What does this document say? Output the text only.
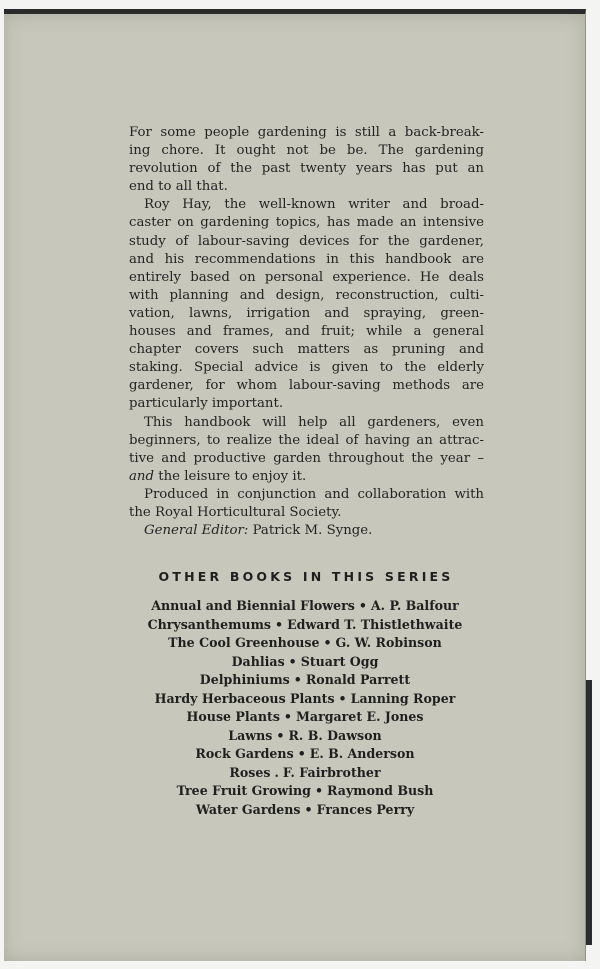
For some people gardening is still a back-break-
ing chore. It ought not be be. The gardening
revolution of the past twenty years has put an
end to all that.
Roy Hay, the well-known writer and broad-
caster on gardening topics, has made an intensive
study of labour-saving devices for the gardener,
and his recommendations in this handbook are
entirely based on personal experience. He deals
with planning and design, reconstruction, culti-
vation, lawns, irrigation and spraying, green-
houses and frames, and fruit; while a general
chapter covers such matters as pruning and
staking. Special advice is given to the elderly
gardener, for whom labour-saving methods are
particularly important.
This handbook will help all gardeners, even
beginners, to realize the ideal of having an attrac-
tive and productive garden throughout the year –
and the leisure to enjoy it.
Produced in conjunction and collaboration with
the Royal Horticultural Society.
General Editor: Patrick M. Synge.
OTHER BOOKS IN THIS SERIES
Annual and Biennial Flowers • A. P. Balfour
Chrysanthemums • Edward T. Thistlethwaite
The Cool Greenhouse • G. W. Robinson
Dahlias • Stuart Ogg
Delphiniums • Ronald Parrett
Hardy Herbaceous Plants • Lanning Roper
House Plants • Margaret E. Jones
Lawns • R. B. Dawson
Rock Gardens • E. B. Anderson
Roses . F. Fairbrother
Tree Fruit Growing • Raymond Bush
Water Gardens • Frances Perry
